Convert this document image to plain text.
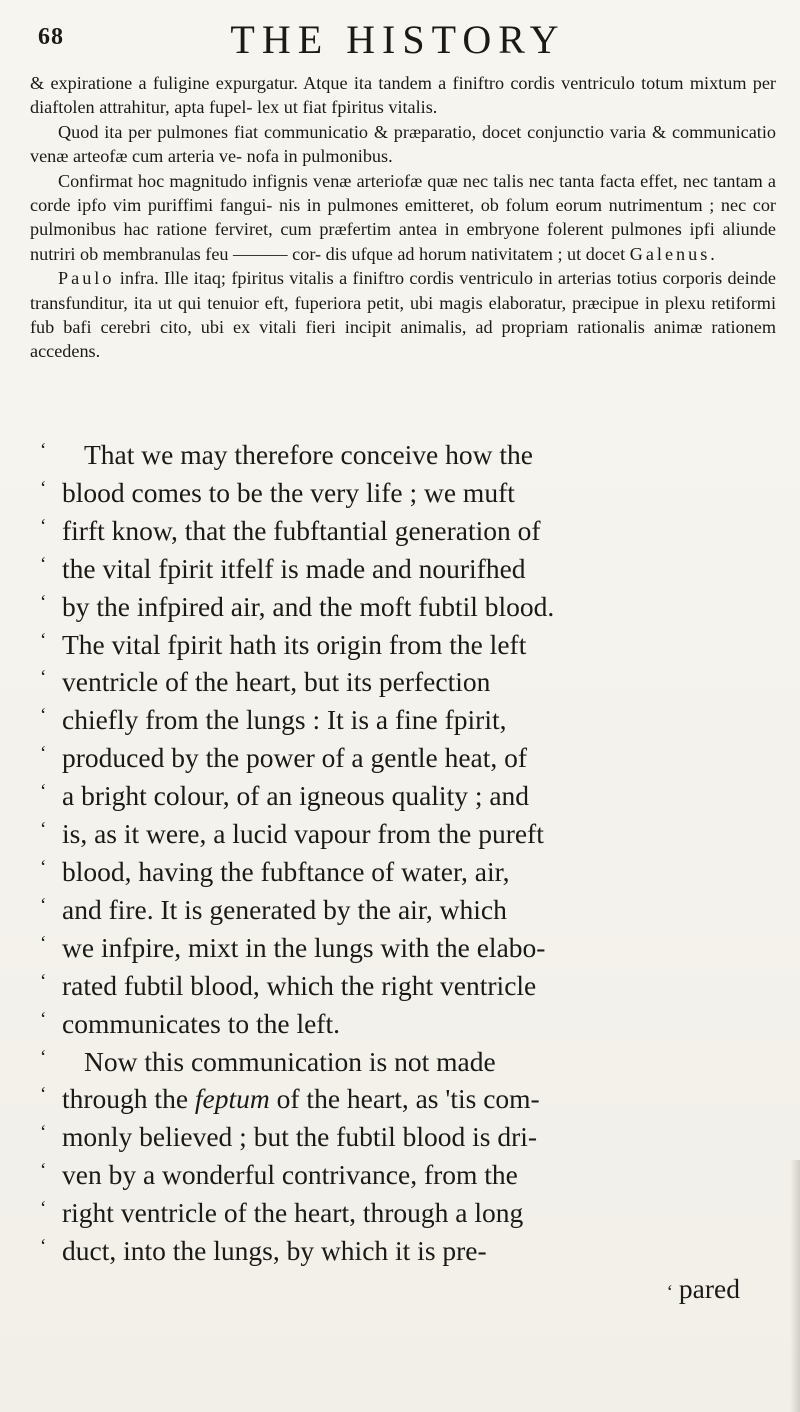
68	THE HISTORY

& expiratione a fuligine expurgatur. Atque ita tandem a finiftro cordis ventriculo totum mixtum per diaftolen attrahitur, apta fupel- lex ut fiat fpiritus vitalis.

Quod ita per pulmones fiat communicatio & præparatio, docet conjunctio varia & communicatio venæ arteofæ cum arteria ve- nofa in pulmonibus.

Confirmat hoc magnitudo infignis venæ arteriofæ quæ nec talis nec tanta facta effet, nec tantam a corde ipfo vim puriffimi fangui- nis in pulmones emitteret, ob folum eorum nutrimentum ; nec cor pulmonibus hac ratione ferviret, cum præfertim antea in embryone folerent pulmones ipfi aliunde nutriri ob membranulas feu ——— cor- dis ufque ad horum nativitatem ; ut docet Galenus.

Paulo infra. Ille itaq; fpiritus vitalis a finiftro cordis ventriculo in arterias totius corporis deinde transfunditur, ita ut qui tenuior eft, fuperiora petit, ubi magis elaboratur, præcipue in plexu retiformi fub bafi cerebri cito, ubi ex vitali fieri incipit animalis, ad propriam rationalis animæ rationem accedens.

‘ That we may therefore conceive how the
‘ blood comes to be the very life ; we muft
‘ firft know, that the fubftantial generation of
‘ the vital fpirit itfelf is made and nourifhed
‘ by the infpired air, and the moft fubtil blood.
‘ The vital fpirit hath its origin from the left
‘ ventricle of the heart, but its perfection
‘ chiefly from the lungs : It is a fine fpirit,
‘ produced by the power of a gentle heat, of
‘ a bright colour, of an igneous quality ; and
‘ is, as it were, a lucid vapour from the pureft
‘ blood, having the fubftance of water, air,
‘ and fire. It is generated by the air, which
‘ we infpire, mixt in the lungs with the elabo-
‘ rated fubtil blood, which the right ventricle
‘ communicates to the left.
‘ Now this communication is not made
‘ through the feptum of the heart, as 'tis com-
‘ monly believed ; but the fubtil blood is dri-
‘ ven by a wonderful contrivance, from the
‘ right ventricle of the heart, through a long
‘ duct, into the lungs, by which it is pre-
‘ pared
